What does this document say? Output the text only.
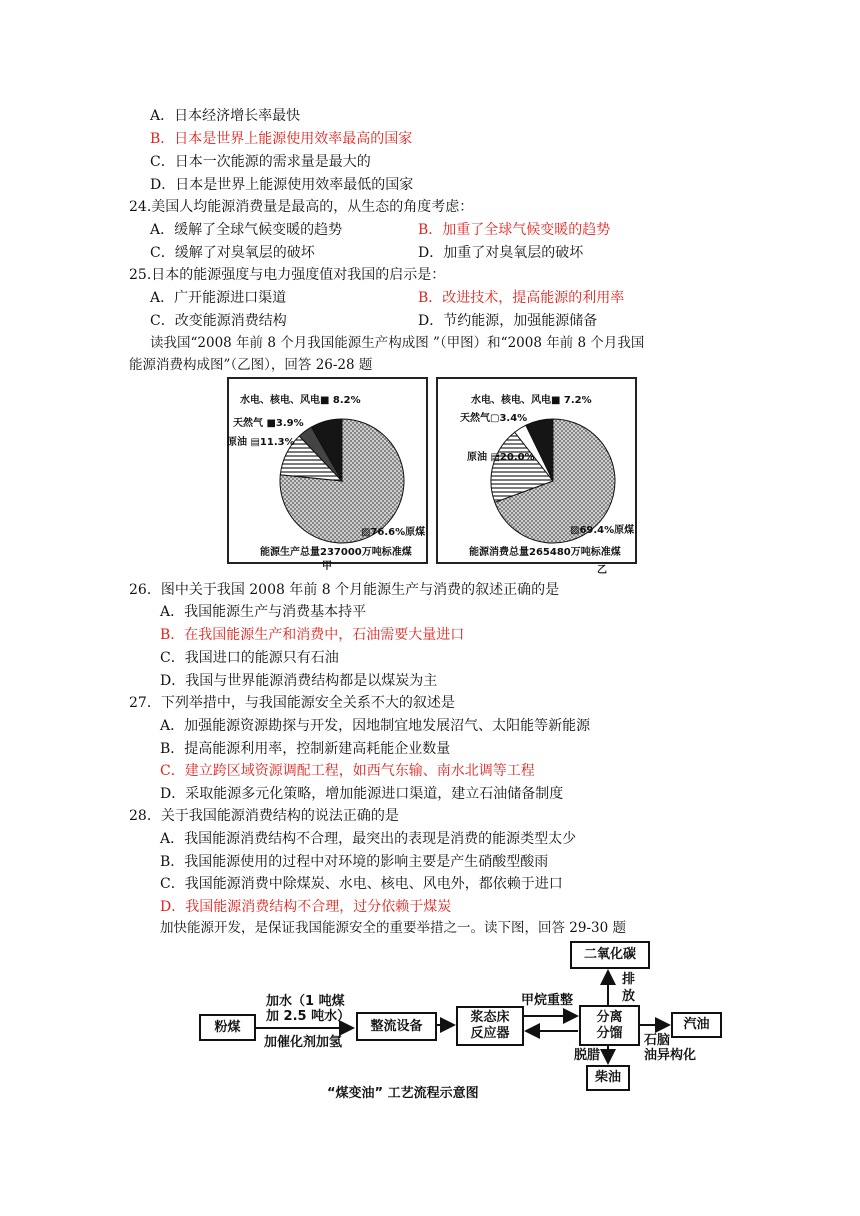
A．日本经济增长率最快
B．日本是世界上能源使用效率最高的国家
C．日本一次能源的需求量是最大的
D．日本是世界上能源使用效率最低的国家
24.美国人均能源消费量是最高的，从生态的角度考虑：
A．缓解了全球气候变暖的趋势	B．加重了全球气候变暖的趋势
C．缓解了对臭氧层的破坏	D．加重了对臭氧层的破坏
25.日本的能源强度与电力强度值对我国的启示是：
A．广开能源进口渠道	B．改进技术，提高能源的利用率
C．改变能源消费结构	D．节约能源，加强能源储备
读我国“2008 年前 8 个月我国能源生产构成图 ”（甲图）和“2008 年前 8 个月我国
能源消费构成图”（乙图），回答 26-28 题
水电、核电、风电■ 8.2%
天然气 ■3.9%
原油 ▤11.3%
▨76.6%原煤
能源生产总量237000万吨标准煤
甲
水电、核电、风电■ 7.2%
天然气▢3.4%
原油 ▤20.0%
▨69.4%原煤
能源消费总量265480万吨标准煤
乙
26．图中关于我国 2008 年前 8 个月能源生产与消费的叙述正确的是
A．我国能源生产与消费基本持平
B．在我国能源生产和消费中，石油需要大量进口
C．我国进口的能源只有石油
D．我国与世界能源消费结构都是以煤炭为主
27．下列举措中，与我国能源安全关系不大的叙述是
A．加强能源资源勘探与开发，因地制宜地发展沼气、太阳能等新能源
B．提高能源利用率，控制新建高耗能企业数量
C．建立跨区域资源调配工程，如西气东输、南水北调等工程
D．采取能源多元化策略，增加能源进口渠道，建立石油储备制度
28．关于我国能源消费结构的说法正确的是
A．我国能源消费结构不合理，最突出的表现是消费的能源类型太少
B．我国能源使用的过程中对环境的影响主要是产生硝酸型酸雨
C．我国能源消费中除煤炭、水电、核电、风电外，都依赖于进口
D．我国能源消费结构不合理，过分依赖于煤炭
加快能源开发，是保证我国能源安全的重要举措之一。读下图，回答 29-30 题
粉煤	整流设备
浆态床
反应器
分离
分馏
二氧化碳
汽油
柴油
加水（1 吨煤
加 2.5 吨水）
加催化剂加氢
甲烷重整
排
放
脱腊
石脑
油异构化
“煤变油” 工艺流程示意图
